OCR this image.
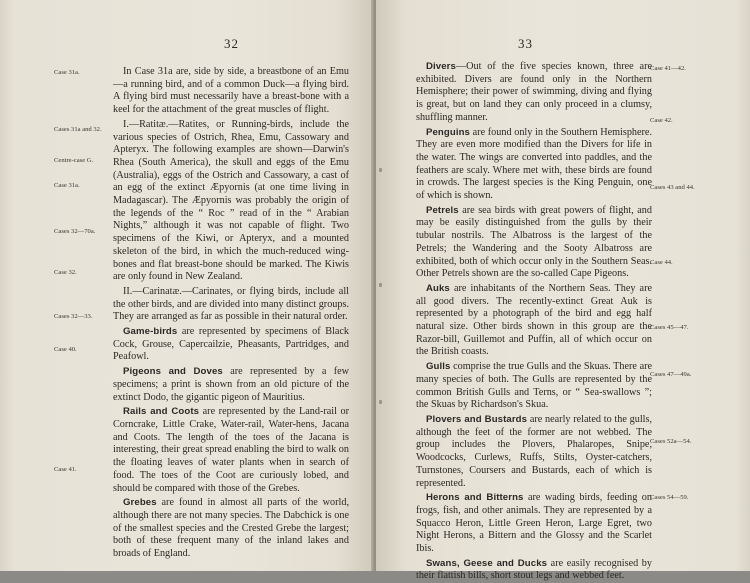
32
Case 31a.
Cases 31a and 32.
Centre-case G.
Case 31a.
Cases 32—70a.
Case 32.
Cases 32—33.
Case 40.
Case 41.

In Case 31a are, side by side, a breastbone of an Emu—a running bird, and of a common Duck—a flying bird. A flying bird must necessarily have a breast-bone with a keel for the attachment of the great muscles of flight.

I.—Ratitæ.—Ratites, or Running-birds, include the various species of Ostrich, Rhea, Emu, Cassowary and Apteryx. The following examples are shown—Darwin's Rhea (South America), the skull and eggs of the Emu (Australia), eggs of the Ostrich and Cassowary, a cast of an egg of the extinct Æpyornis (at one time living in Madagascar). The Æpyornis was probably the origin of the legends of the “ Roc ” read of in the “ Arabian Nights,” although it was not capable of flight. Two specimens of the Kiwi, or Apteryx, and a mounted skeleton of the bird, in which the much-reduced wing-bones and flat breast-bone should be marked. The Kiwis are only found in New Zealand.

II.—Carinatæ.—Carinates, or flying birds, include all the other birds, and are divided into many distinct groups. They are arranged as far as possible in their natural order.

Game-birds are represented by specimens of Black Cock, Grouse, Capercailzie, Pheasants, Partridges, and Peafowl.

Pigeons and Doves are represented by a few specimens; a print is shown from an old picture of the extinct Dodo, the gigantic pigeon of Mauritius.

Rails and Coots are represented by the Land-rail or Corncrake, Little Crake, Water-rail, Water-hens, Jacana and Coots. The length of the toes of the Jacana is interesting, their great spread enabling the bird to walk on the floating leaves of water plants when in search of food. The toes of the Coot are curiously lobed, and should be compared with those of the Grebes.

Grebes are found in almost all parts of the world, although there are not many species. The Dabchick is one of the smallest species and the Crested Grebe the largest; both of these frequent many of the inland lakes and broads of England.

33
Case 41—42.
Case 42.
Cases 43 and 44.
Case 44.
Cases 45—47.
Cases 47—49a.
Cases 52a—54.
Cases 54—59.

Divers—Out of the five species known, three are exhibited. Divers are found only in the Northern Hemisphere; their power of swimming, diving and flying is great, but on land they can only proceed in a clumsy, shuffling manner.

Penguins are found only in the Southern Hemisphere. They are even more modified than the Divers for life in the water. The wings are converted into paddles, and the feathers are scaly. Where met with, these birds are found in crowds. The largest species is the King Penguin, one of which is shown.

Petrels are sea birds with great powers of flight, and may be easily distinguished from the gulls by their tubular nostrils. The Albatross is the largest of the Petrels; the Wandering and the Sooty Albatross are exhibited, both of which occur only in the Southern Seas. Other Petrels shown are the so-called Cape Pigeons.

Auks are inhabitants of the Northern Seas. They are all good divers. The recently-extinct Great Auk is represented by a photograph of the bird and egg half natural size. Other birds shown in this group are the Razor-bill, Guillemot and Puffin, all of which occur on the British coasts.

Gulls comprise the true Gulls and the Skuas. There are many species of both. The Gulls are represented by the common British Gulls and Terns, or “ Sea-swallows ”; the Skuas by Richardson's Skua.

Plovers and Bustards are nearly related to the gulls, although the feet of the former are not webbed. The group includes the Plovers, Phalaropes, Snipe, Woodcocks, Curlews, Ruffs, Stilts, Oyster-catchers, Turnstones, Coursers and Bustards, each of which is represented.

Herons and Bitterns are wading birds, feeding on frogs, fish, and other animals. They are represented by a Squacco Heron, Little Green Heron, Large Egret, two Night Herons, a Bittern and the Glossy and the Scarlet Ibis.

Swans, Geese and Ducks are easily recognised by their flattish bills, short stout legs and webbed feet.
